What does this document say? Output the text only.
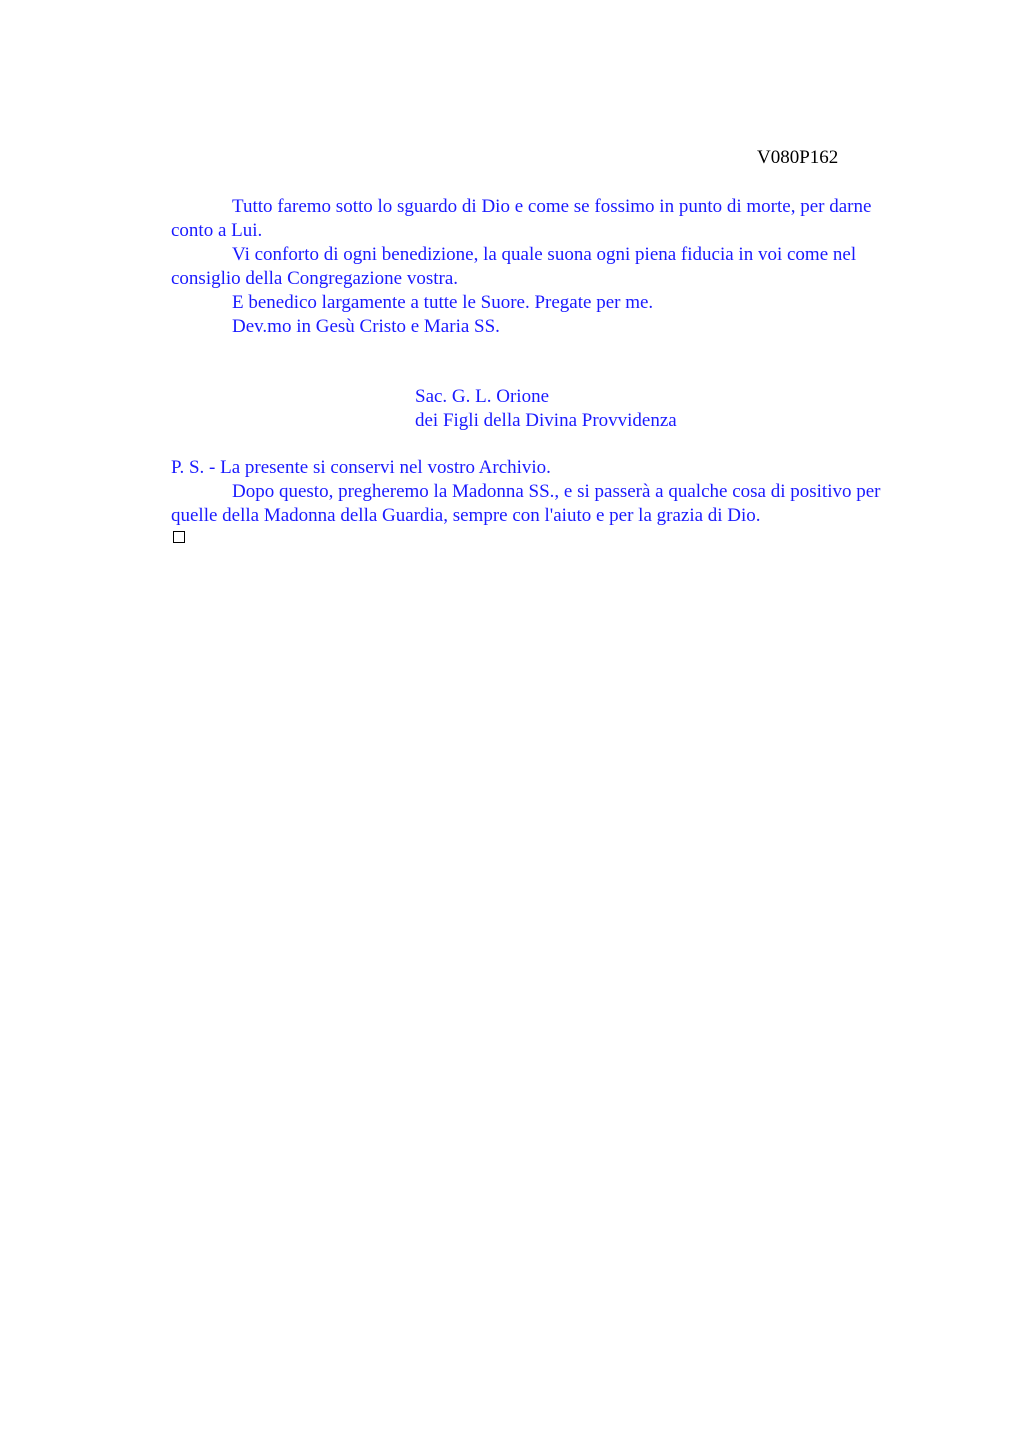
V080P162

Tutto faremo sotto lo sguardo di Dio e come se fossimo in punto di morte, per darne conto a Lui.

Vi conforto di ogni benedizione, la quale suona ogni piena fiducia in voi come nel consiglio della Congregazione vostra.

E benedico largamente a tutte le Suore. Pregate per me.

Dev.mo in Gesù Cristo e Maria SS.

Sac. G. L. Orione
dei Figli della Divina Provvidenza

P. S. - La presente si conservi nel vostro Archivio.

Dopo questo, pregheremo la Madonna SS., e si passerà a qualche cosa di positivo per quelle della Madonna della Guardia, sempre con l'aiuto e per la grazia di Dio.
